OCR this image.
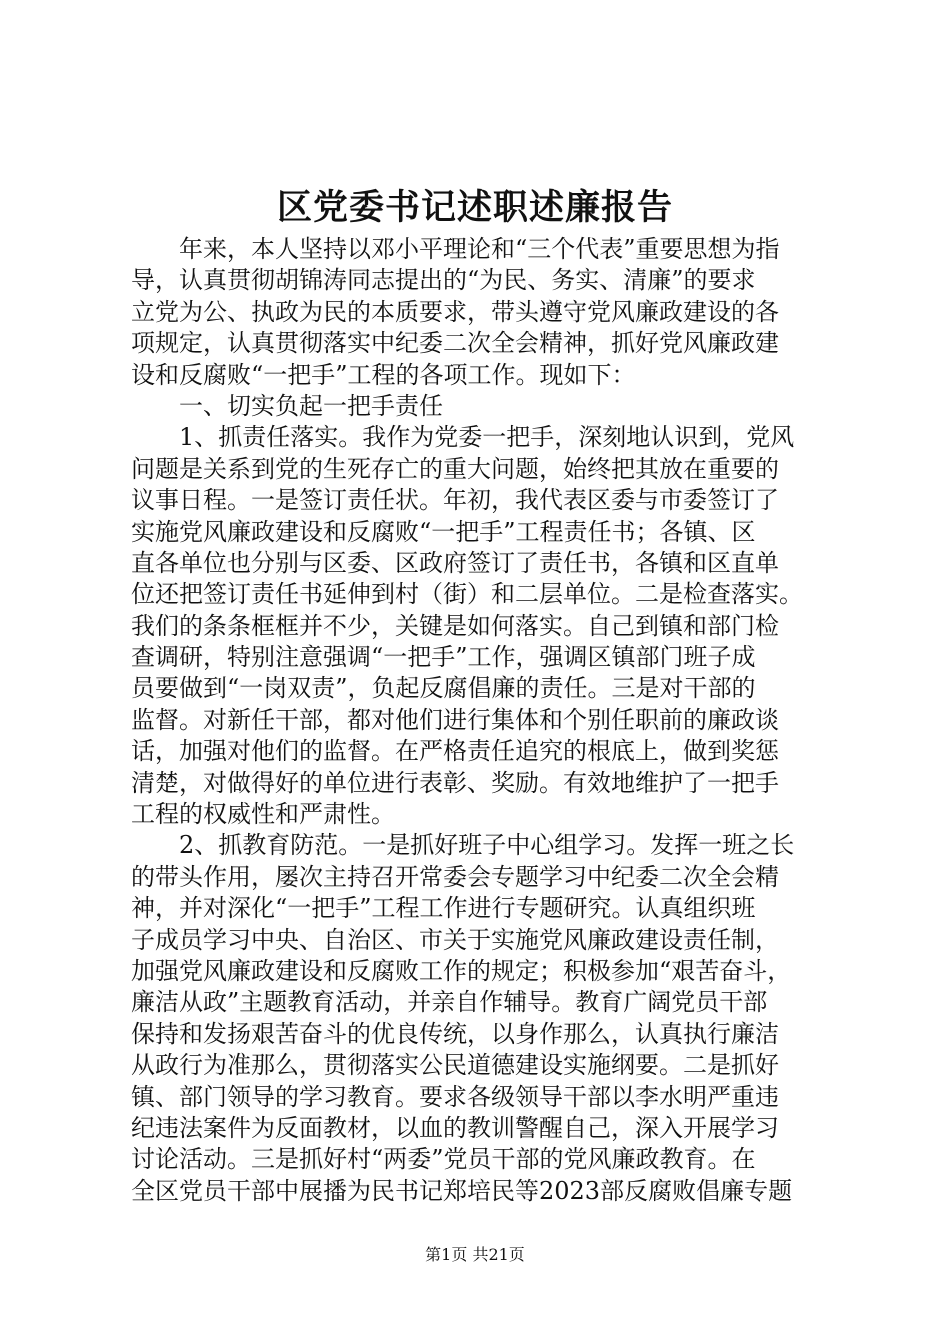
区党委书记述职述廉报告
年来，本人坚持以邓小平理论和“三个代表”重要思想为指
导，认真贯彻胡锦涛同志提出的“为民、务实、清廉”的要求
立党为公、执政为民的本质要求，带头遵守党风廉政建设的各
项规定，认真贯彻落实中纪委二次全会精神，抓好党风廉政建
设和反腐败“一把手”工程的各项工作。现如下：
一、切实负起一把手责任
1、抓责任落实。我作为党委一把手，深刻地认识到，党风
问题是关系到党的生死存亡的重大问题，始终把其放在重要的
议事日程。一是签订责任状。年初，我代表区委与市委签订了
实施党风廉政建设和反腐败“一把手”工程责任书；各镇、区
直各单位也分别与区委、区政府签订了责任书，各镇和区直单
位还把签订责任书延伸到村（街）和二层单位。二是检查落实。
我们的条条框框并不少，关键是如何落实。自己到镇和部门检
查调研，特别注意强调“一把手”工作，强调区镇部门班子成
员要做到“一岗双责”，负起反腐倡廉的责任。三是对干部的
监督。对新任干部，都对他们进行集体和个别任职前的廉政谈
话，加强对他们的监督。在严格责任追究的根底上，做到奖惩
清楚，对做得好的单位进行表彰、奖励。有效地维护了一把手
工程的权威性和严肃性。
2、抓教育防范。一是抓好班子中心组学习。发挥一班之长
的带头作用，屡次主持召开常委会专题学习中纪委二次全会精
神，并对深化“一把手”工程工作进行专题研究。认真组织班
子成员学习中央、自治区、市关于实施党风廉政建设责任制，
加强党风廉政建设和反腐败工作的规定；积极参加“艰苦奋斗，
廉洁从政”主题教育活动，并亲自作辅导。教育广阔党员干部
保持和发扬艰苦奋斗的优良传统，以身作那么，认真执行廉洁
从政行为准那么，贯彻落实公民道德建设实施纲要。二是抓好
镇、部门领导的学习教育。要求各级领导干部以李水明严重违
纪违法案件为反面教材，以血的教训警醒自己，深入开展学习
讨论活动。三是抓好村“两委”党员干部的党风廉政教育。在
全区党员干部中展播为民书记郑培民等2023部反腐败倡廉专题
第1页 共21页
